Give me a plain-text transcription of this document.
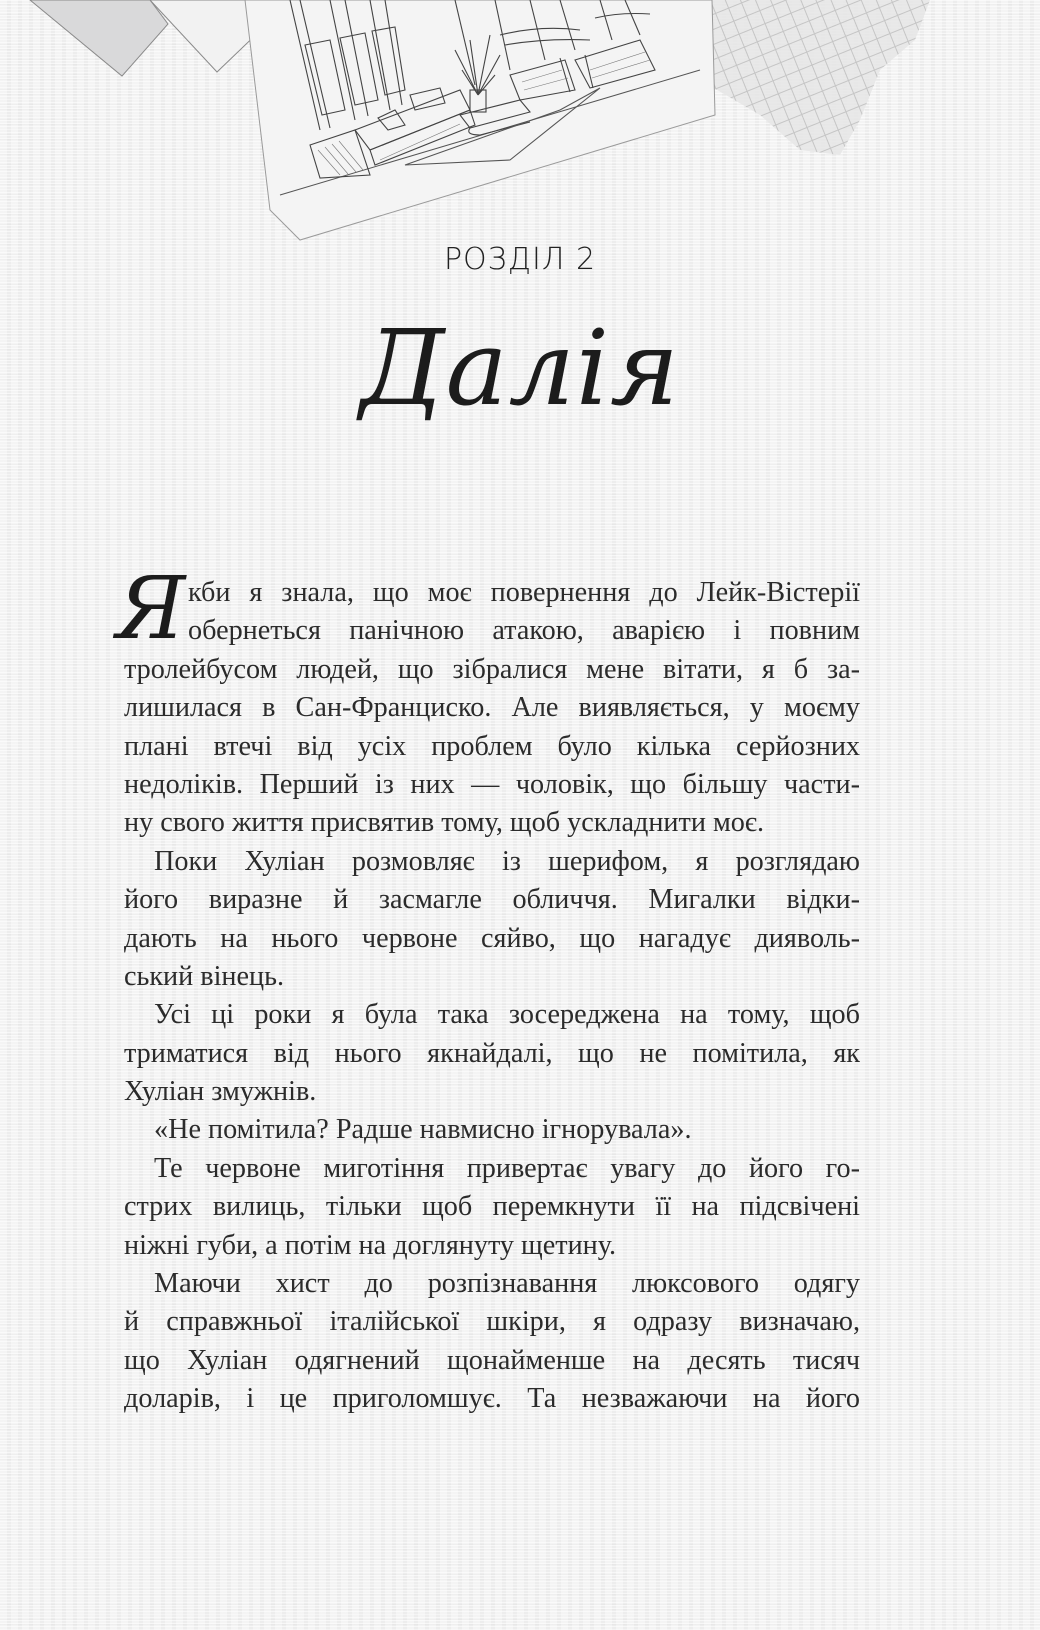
РОЗДІЛ 2
Далія
Я кби я знала, що моє повернення до Лейк-Вістерії
обернеться панічною атакою, аварією і повним
тролейбусом людей, що зібралися мене вітати, я б за-
лишилася в Сан-Франциско. Але виявляється, у моєму
плані втечі від усіх проблем було кілька серйозних
недоліків. Перший із них — чоловік, що більшу части-
ну свого життя присвятив тому, щоб ускладнити моє.
Поки Хуліан розмовляє із шерифом, я розглядаю
його виразне й засмагле обличчя. Мигалки відки-
дають на нього червоне сяйво, що нагадує дияволь-
ський вінець.
Усі ці роки я була така зосереджена на тому, щоб
триматися від нього якнайдалі, що не помітила, як
Хуліан змужнів.
«Не помітила? Радше навмисно ігнорувала».
Те червоне миготіння привертає увагу до його го-
стрих вилиць, тільки щоб перемкнути її на підсвічені
ніжні губи, а потім на доглянуту щетину.
Маючи хист до розпізнавання люксового одягу
й справжньої італійської шкіри, я одразу визначаю,
що Хуліан одягнений щонайменше на десять тисяч
доларів, і це приголомшує. Та незважаючи на його
